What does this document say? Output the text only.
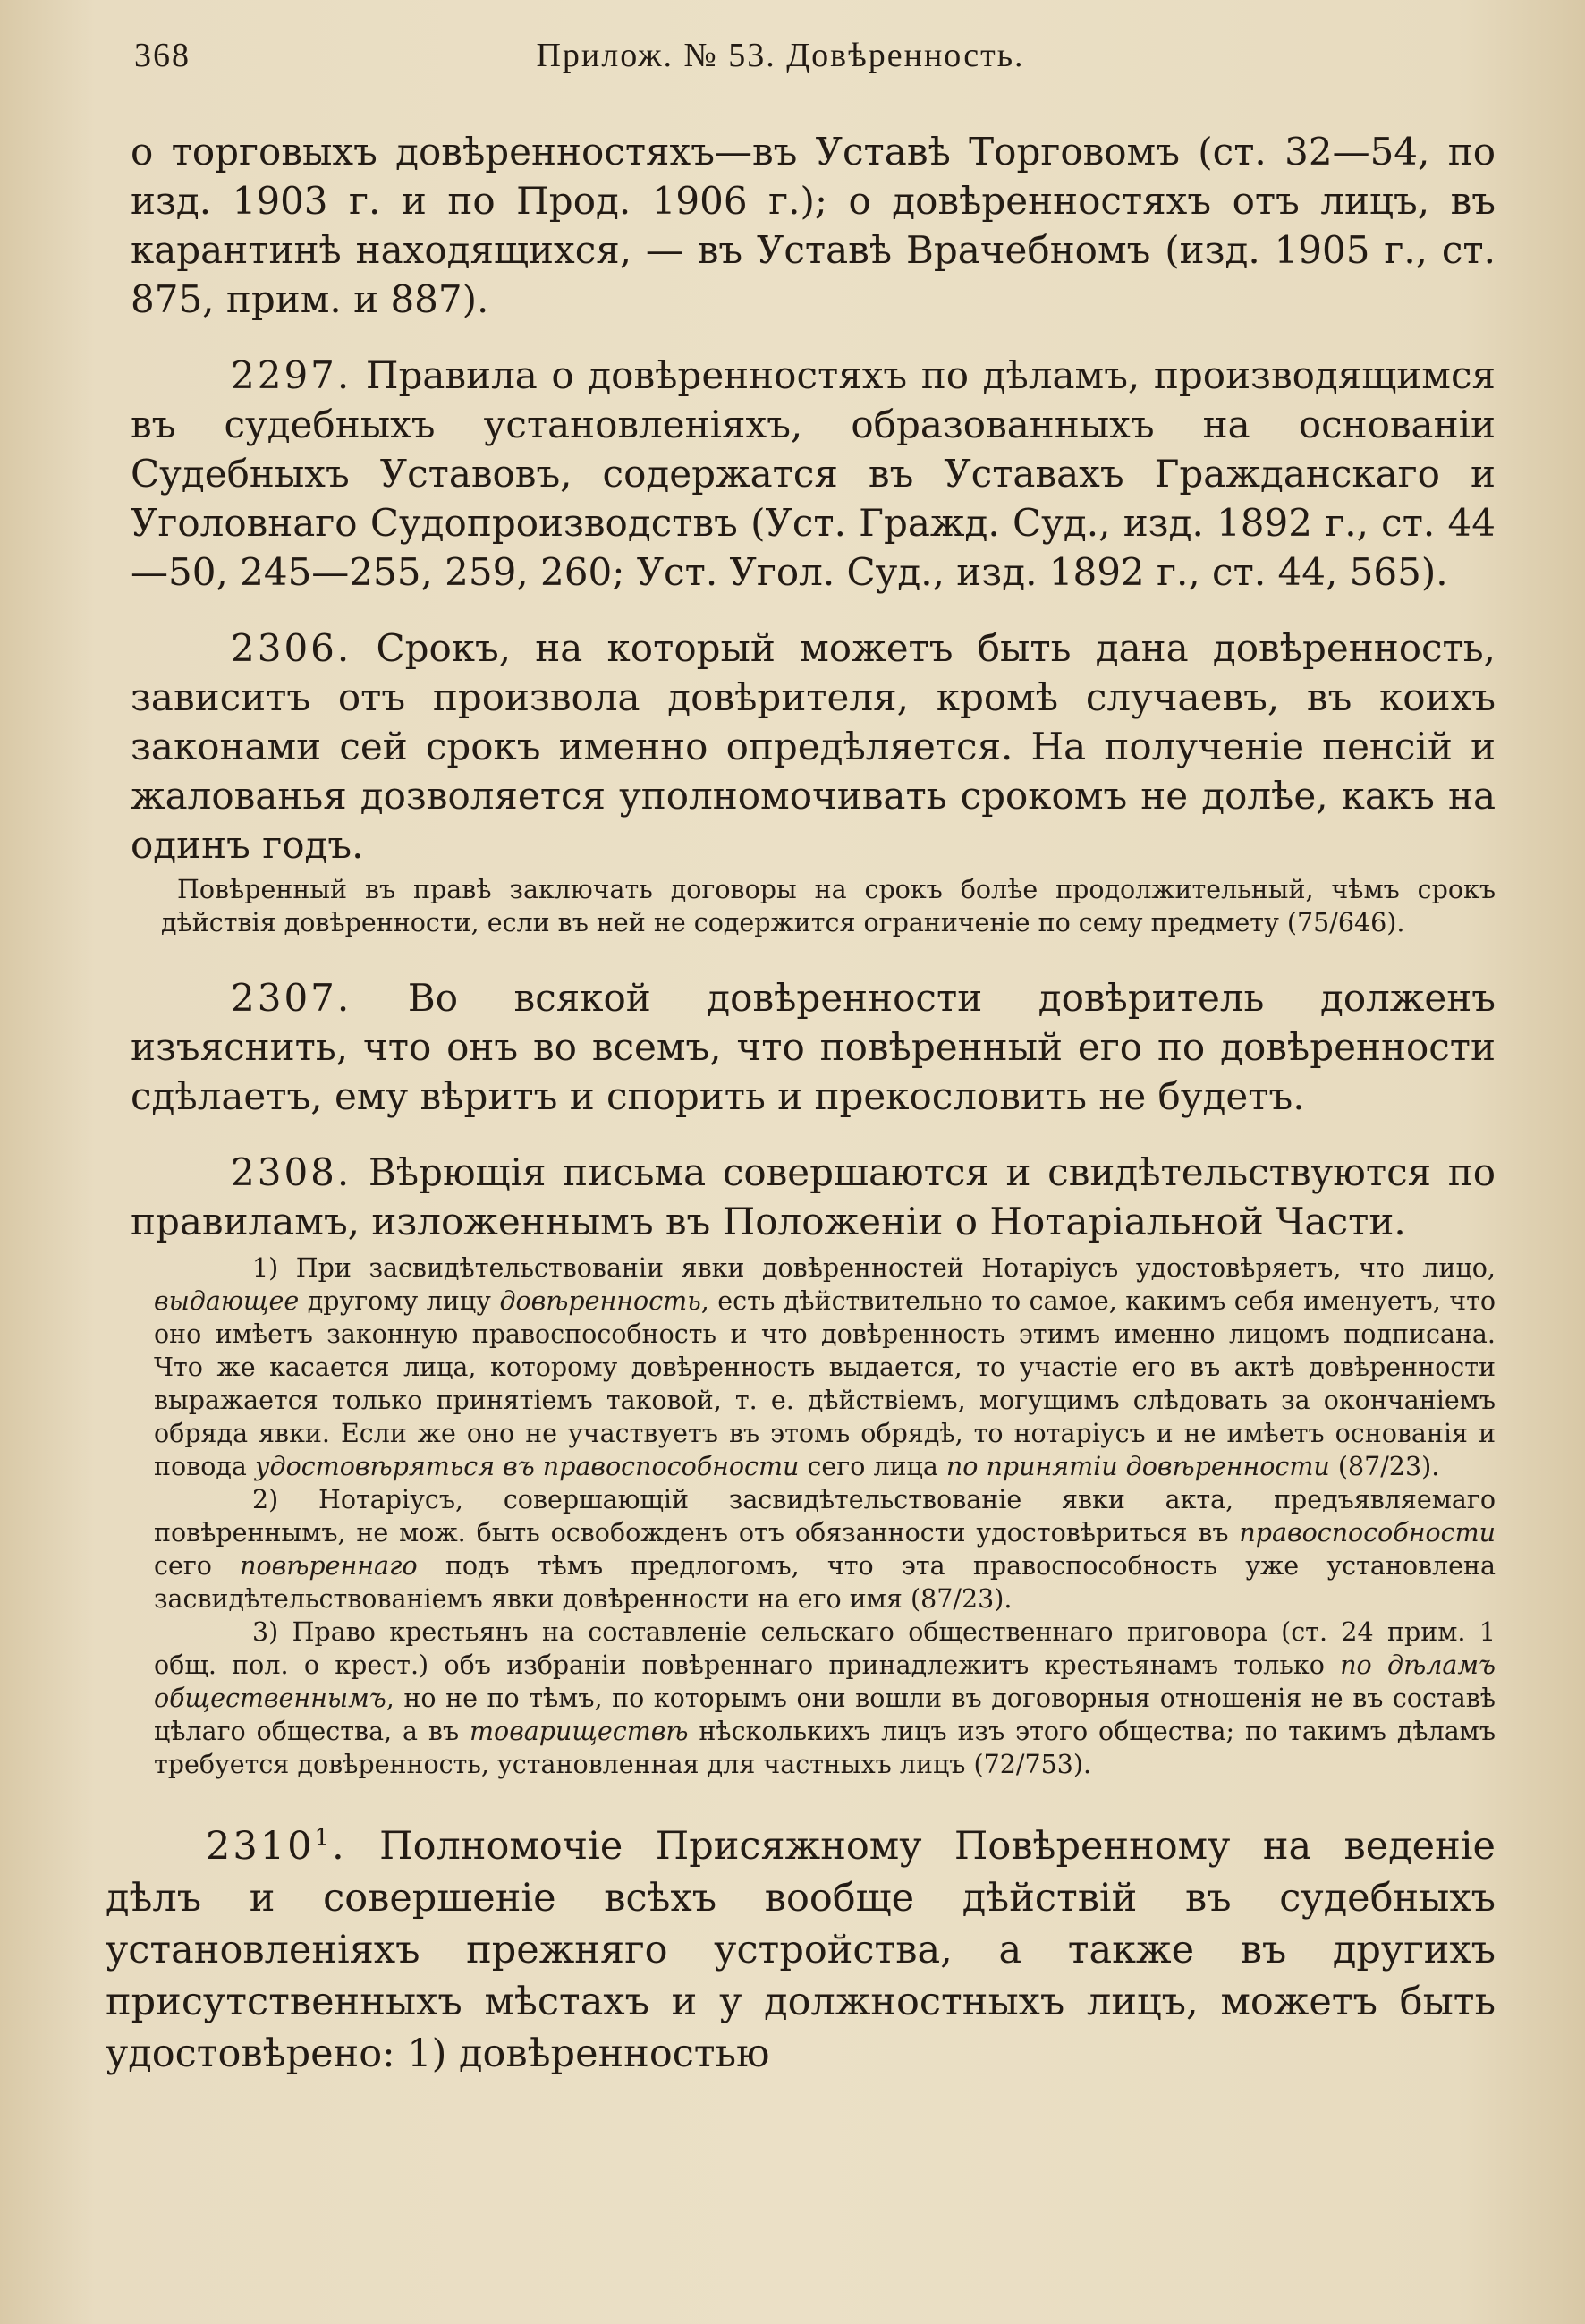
368	Прилож. № 53. Довѣренность.

о торговыхъ довѣренностяхъ—въ Уставѣ Торговомъ (ст. 32—54, по изд. 1903 г. и по Прод. 1906 г.); о довѣренностяхъ отъ лицъ, въ карантинѣ находящихся, — въ Уставѣ Врачебномъ (изд. 1905 г., ст. 875, прим. и 887).

2297. Правила о довѣренностяхъ по дѣламъ, производящимся въ судебныхъ установленіяхъ, образованныхъ на основаніи Судебныхъ Уставовъ, содержатся въ Уставахъ Гражданскаго и Уголовнаго Судопроизводствъ (Уст. Гражд. Суд., изд. 1892 г., ст. 44—50, 245—255, 259, 260; Уст. Угол. Суд., изд. 1892 г., ст. 44, 565).

2306. Срокъ, на который можетъ быть дана довѣренность, зависитъ отъ произвола довѣрителя, кромѣ случаевъ, въ коихъ законами сей срокъ именно опредѣляется. На полученіе пенсій и жалованья дозволяется уполномочивать срокомъ не долѣе, какъ на одинъ годъ.

Повѣренный въ правѣ заключать договоры на срокъ болѣе продолжительный, чѣмъ срокъ дѣйствія довѣренности, если въ ней не содержится ограниченіе по сему предмету (75/646).

2307. Во всякой довѣренности довѣритель долженъ изъяснить, что онъ во всемъ, что повѣренный его по довѣренности сдѣлаетъ, ему вѣритъ и спорить и прекословить не будетъ.

2308. Вѣрющія письма совершаются и свидѣтельствуются по правиламъ, изложеннымъ въ Положеніи о Нотаріальной Части.

1) При засвидѣтельствованіи явки довѣренностей Нотаріусъ удостовѣряетъ, что лицо, выдающее другому лицу довѣренность, есть дѣйствительно то самое, какимъ себя именуетъ, что оно имѣетъ законную правоспособность и что довѣренность этимъ именно лицомъ подписана. Что же касается лица, которому довѣренность выдается, то участіе его въ актѣ довѣренности выражается только принятіемъ таковой, т. е. дѣйствіемъ, могущимъ слѣдовать за окончаніемъ обряда явки. Если же оно не участвуетъ въ этомъ обрядѣ, то нотаріусъ и не имѣетъ основанія и повода удостовѣряться въ правоспособности сего лица по принятіи довѣренности (87/23).

2) Нотаріусъ, совершающій засвидѣтельствованіе явки акта, предъявляемаго повѣреннымъ, не мож. быть освобожденъ отъ обязанности удостовѣриться въ правоспособности сего повѣреннаго подъ тѣмъ предлогомъ, что эта правоспособность уже установлена засвидѣтельствованіемъ явки довѣренности на его имя (87/23).

3) Право крестьянъ на составленіе сельскаго общественнаго приговора (ст. 24 прим. 1 общ. пол. о крест.) объ избраніи повѣреннаго принадлежитъ крестьянамъ только по дѣламъ общественнымъ, но не по тѣмъ, по которымъ они вошли въ договорныя отношенія не въ составѣ цѣлаго общества, а въ товариществѣ нѣсколькихъ лицъ изъ этого общества; по такимъ дѣламъ требуется довѣренность, установленная для частныхъ лицъ (72/753).

2310$^1$. Полномочіе Присяжному Повѣренному на веденіе дѣлъ и совершеніе всѣхъ вообще дѣйствій въ судебныхъ установленіяхъ прежняго устройства, а также въ другихъ присутственныхъ мѣстахъ и у должностныхъ лицъ, можетъ быть удостовѣрено: 1) довѣренностью
